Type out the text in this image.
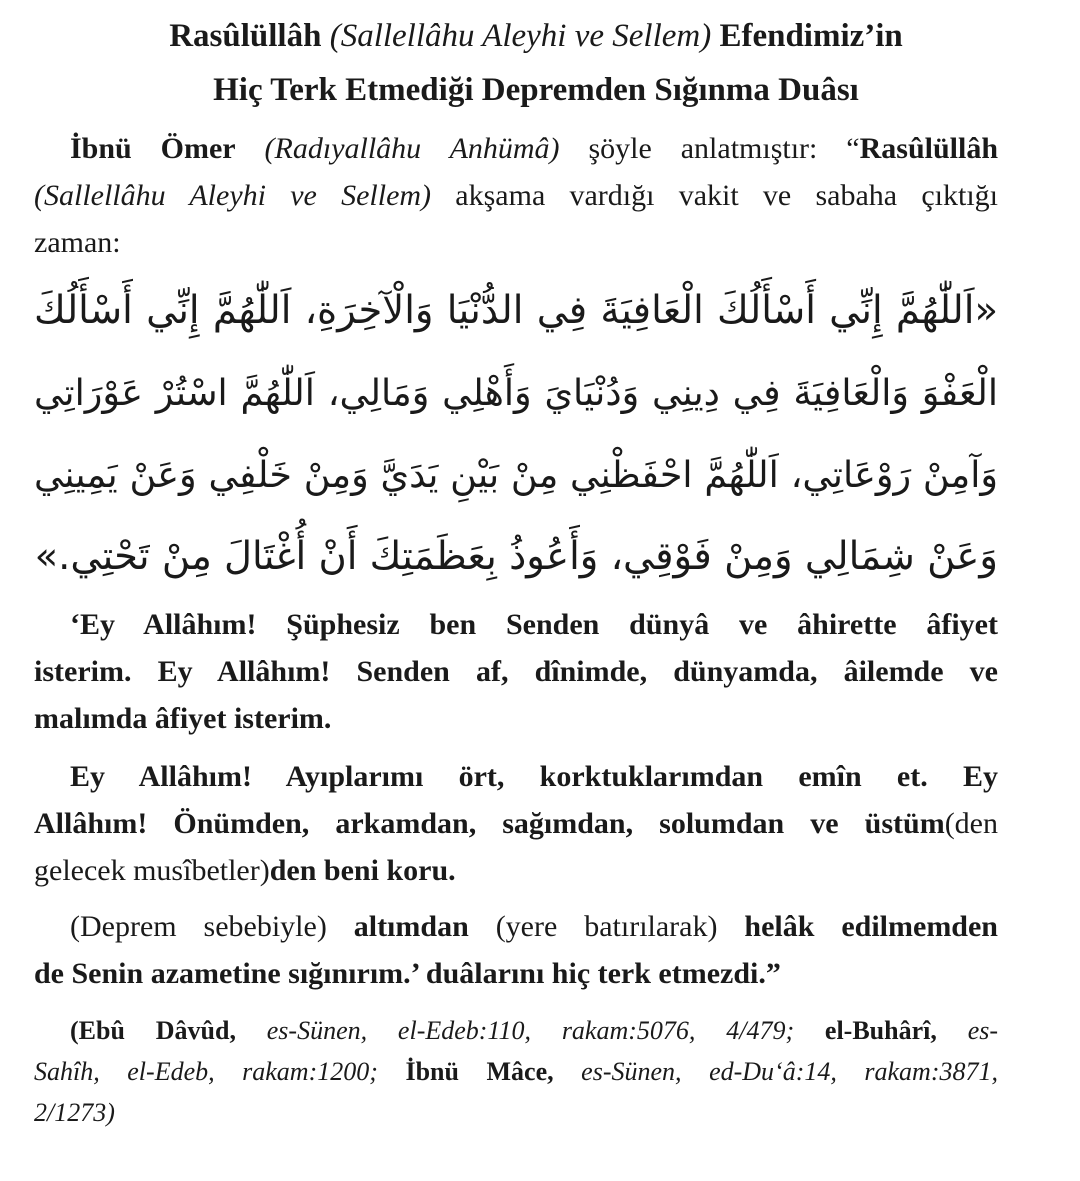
Rasûlüllâh (Sallellâhu Aleyhi ve Sellem) Efendimiz’in
Hiç Terk Etmediği Depremden Sığınma Duâsı
İbnü Ömer (Radıyallâhu Anhümâ) şöyle anlatmıştır: “Rasûlüllâh
(Sallellâhu Aleyhi ve Sellem) akşama vardığı vakit ve sabaha çıktığı
zaman:
«اَللّٰهُمَّ إِنِّي أَسْأَلُكَ الْعَافِيَةَ فِي الدُّنْيَا وَالْآخِرَةِ، اَللّٰهُمَّ إِنِّي أَسْأَلُكَ
الْعَفْوَ وَالْعَافِيَةَ فِي دِينِي وَدُنْيَايَ وَأَهْلِي وَمَالِي، اَللّٰهُمَّ اسْتُرْ عَوْرَاتِي
وَآمِنْ رَوْعَاتِي، اَللّٰهُمَّ احْفَظْنِي مِنْ بَيْنِ يَدَيَّ وَمِنْ خَلْفِي وَعَنْ يَمِينِي
وَعَنْ شِمَالِي وَمِنْ فَوْقِي، وَأَعُوذُ بِعَظَمَتِكَ أَنْ أُغْتَالَ مِنْ تَحْتِي.»
‘Ey Allâhım! Şüphesiz ben Senden dünyâ ve âhirette âfiyet
isterim. Ey Allâhım! Senden af, dînimde, dünyamda, âilemde ve
malımda âfiyet isterim.
Ey Allâhım! Ayıplarımı ört, korktuklarımdan emîn et. Ey
Allâhım! Önümden, arkamdan, sağımdan, solumdan ve üstüm(den
gelecek musîbetler)den beni koru.
(Deprem sebebiyle) altımdan (yere batırılarak) helâk edilmemden
de Senin azametine sığınırım.’ duâlarını hiç terk etmezdi.”
(Ebû Dâvûd, es-Sünen, el-Edeb:110, rakam:5076, 4/479; el-Buhârî, es-
Sahîh, el-Edeb, rakam:1200; İbnü Mâce, es-Sünen, ed-Du‘â:14, rakam:3871,
2/1273)
